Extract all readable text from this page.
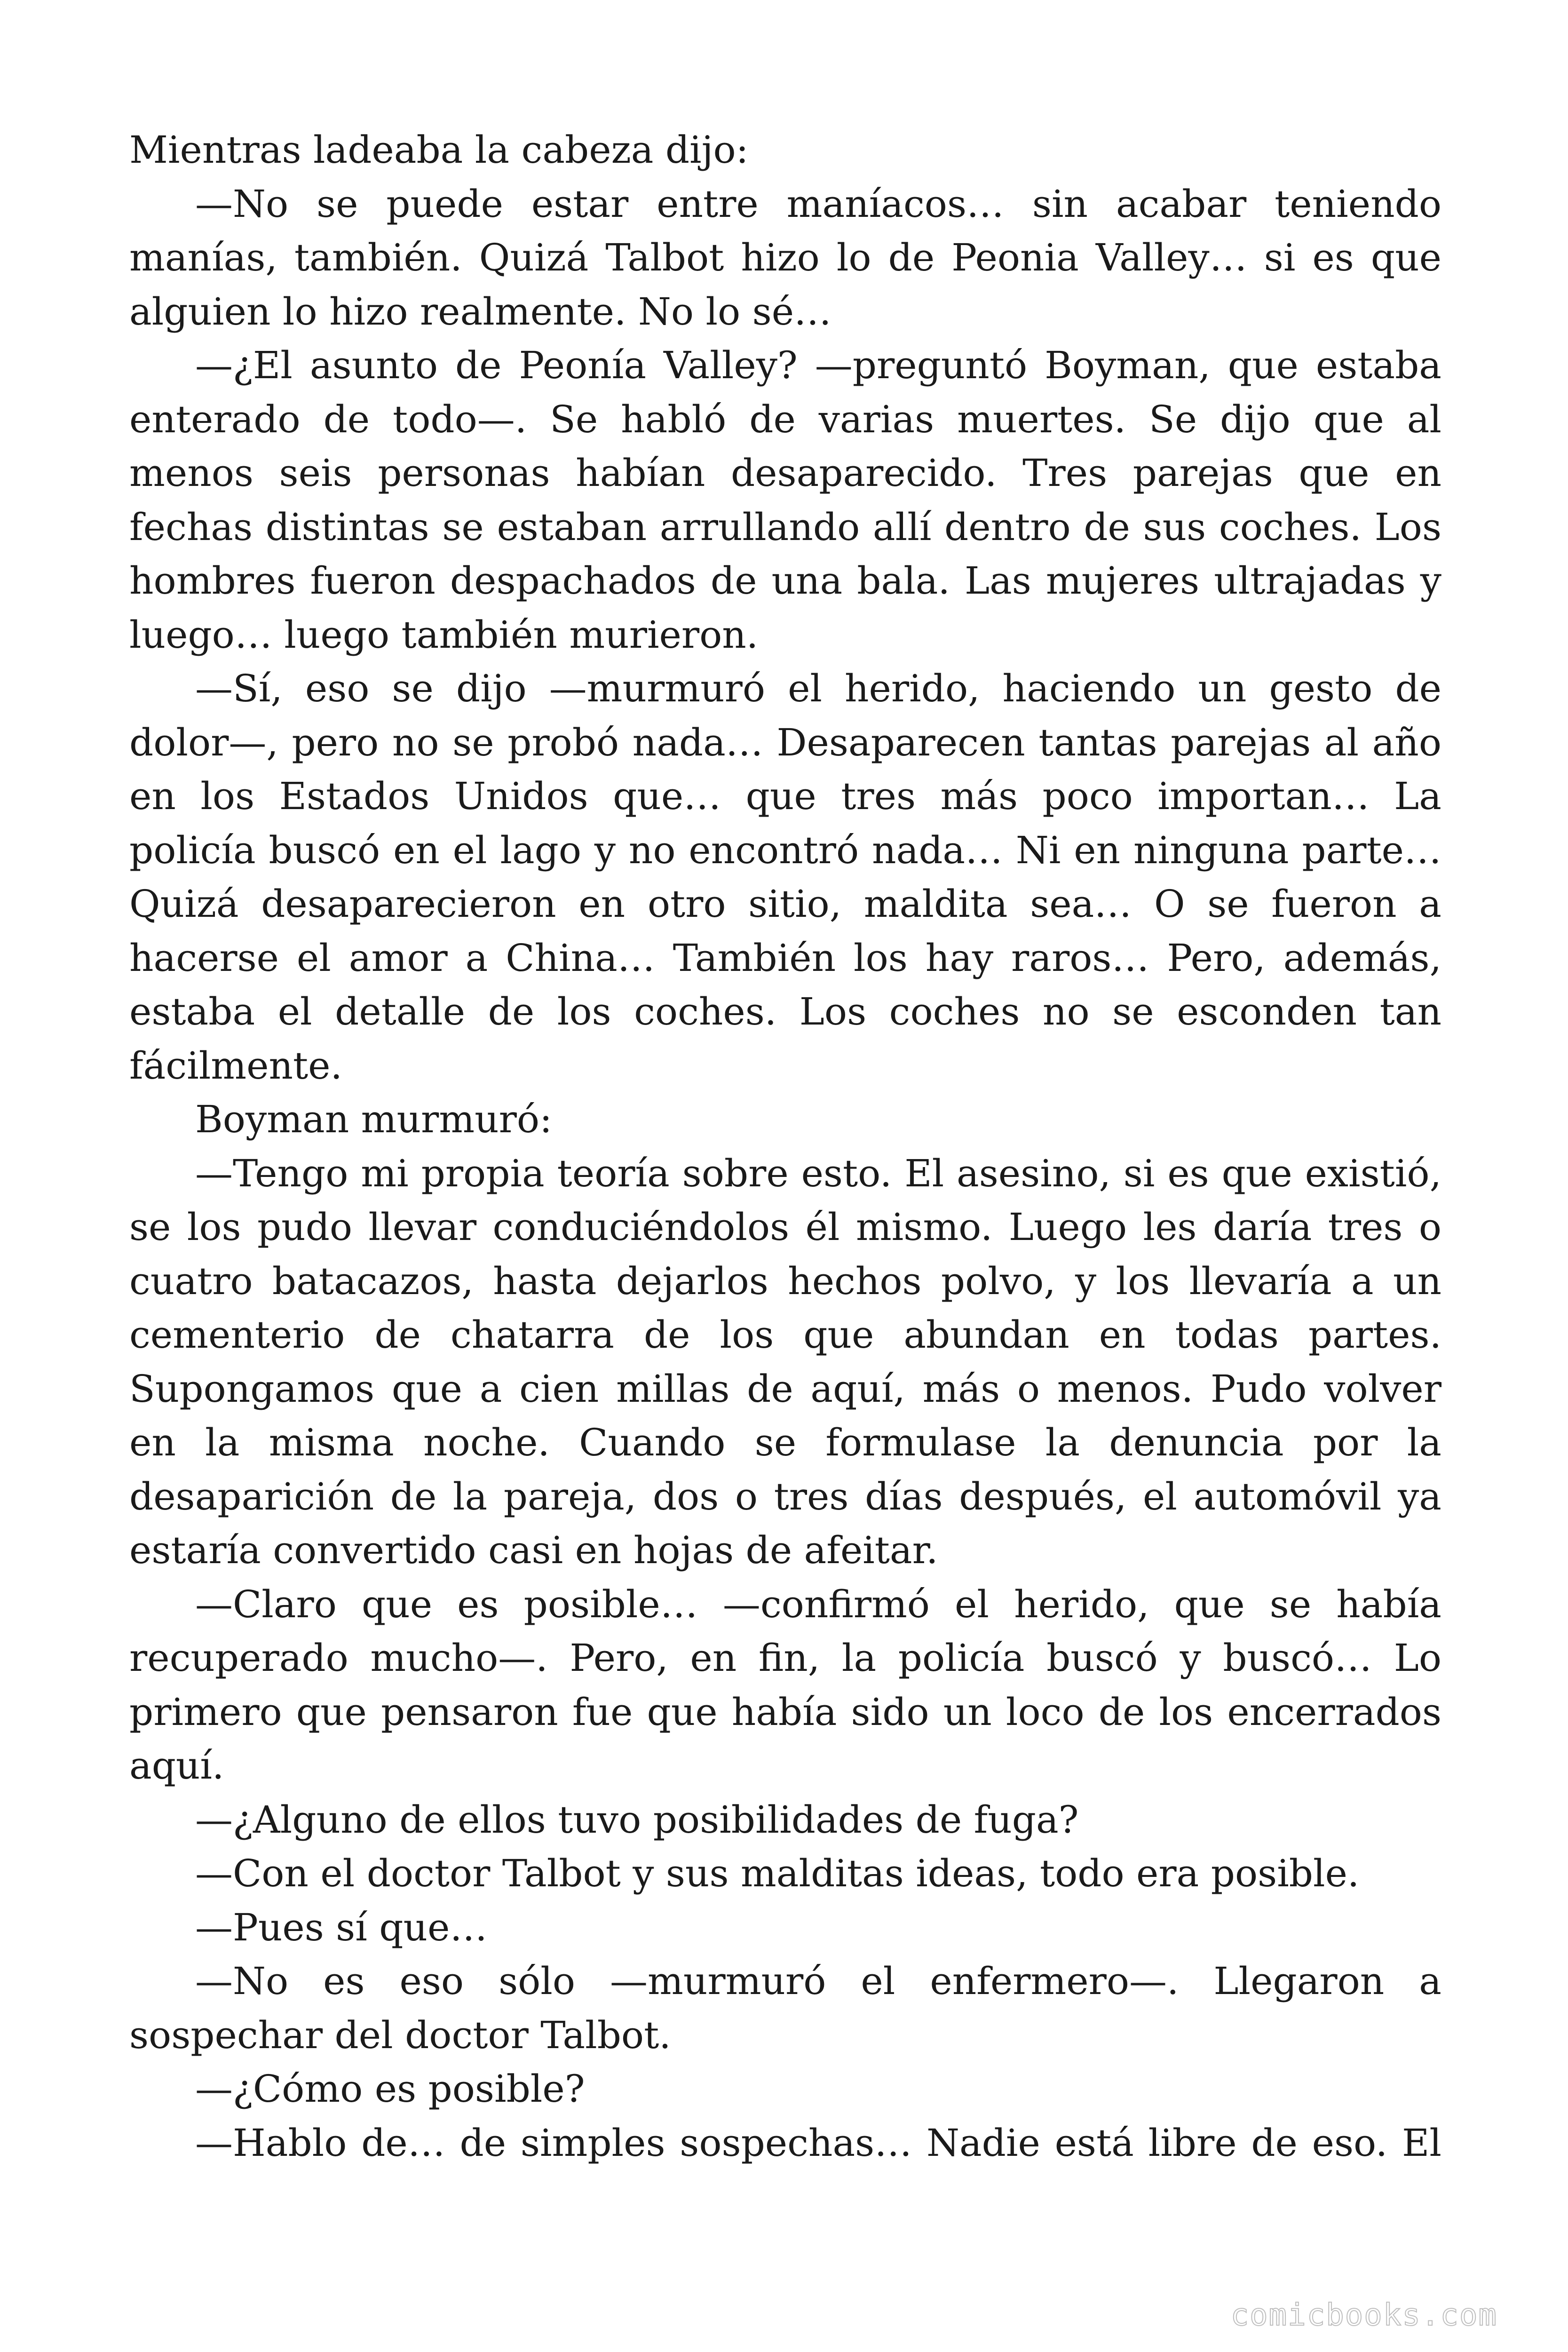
Mientras ladeaba la cabeza dijo:

—No se puede estar entre maníacos… sin acabar teniendo manías, también. Quizá Talbot hizo lo de Peonia Valley… si es que alguien lo hizo realmente. No lo sé…

—¿El asunto de Peonía Valley? —preguntó Boyman, que estaba enterado de todo—. Se habló de varias muertes. Se dijo que al menos seis personas habían desaparecido. Tres parejas que en fechas distintas se estaban arrullando allí dentro de sus coches. Los hombres fueron despachados de una bala. Las mujeres ultrajadas y luego… luego también murieron.

—Sí, eso se dijo —murmuró el herido, haciendo un gesto de dolor—, pero no se probó nada… Desaparecen tantas parejas al año en los Estados Unidos que… que tres más poco importan… La policía buscó en el lago y no encontró nada… Ni en ninguna parte… Quizá desaparecieron en otro sitio, maldita sea… O se fueron a hacerse el amor a China… También los hay raros… Pero, además, estaba el detalle de los coches. Los coches no se esconden tan fácilmente.

Boyman murmuró:

—Tengo mi propia teoría sobre esto. El asesino, si es que existió, se los pudo llevar conduciéndolos él mismo. Luego les daría tres o cuatro batacazos, hasta dejarlos hechos polvo, y los llevaría a un cementerio de chatarra de los que abundan en todas partes. Supongamos que a cien millas de aquí, más o menos. Pudo volver en la misma noche. Cuando se formulase la denuncia por la desaparición de la pareja, dos o tres días después, el automóvil ya estaría convertido casi en hojas de afeitar.

—Claro que es posible… —confirmó el herido, que se había recuperado mucho—. Pero, en fin, la policía buscó y buscó… Lo primero que pensaron fue que había sido un loco de los encerrados aquí.

—¿Alguno de ellos tuvo posibilidades de fuga?

—Con el doctor Talbot y sus malditas ideas, todo era posible.

—Pues sí que…

—No es eso sólo —murmuró el enfermero—. Llegaron a sospechar del doctor Talbot.

—¿Cómo es posible?

—Hablo de… de simples sospechas… Nadie está libre de eso. El

comicbooks.com
